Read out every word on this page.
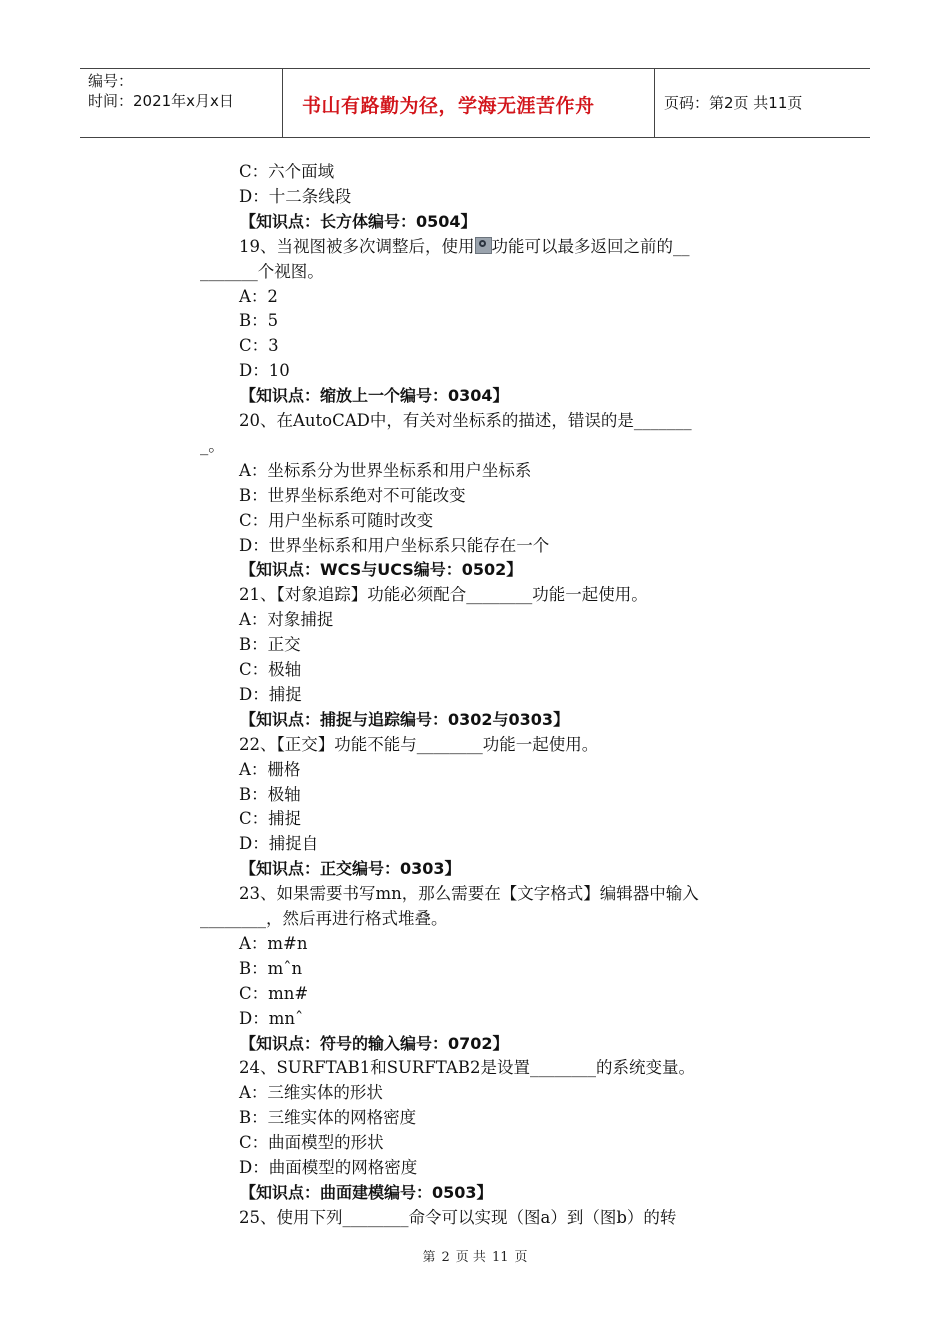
编号：
时间：2021年x月x日	书山有路勤为径，学海无涯苦作舟	页码：第2页 共11页
C：六个面域
D：十二条线段
【知识点：长方体编号：0504】
19、当视图被多次调整后，使用 功能可以最多返回之前的__
_______个视图。
A：2
B：5
C：3
D：10
【知识点：缩放上一个编号：0304】
20、在AutoCAD中，有关对坐标系的描述，错误的是_______
_。
A：坐标系分为世界坐标系和用户坐标系
B：世界坐标系绝对不可能改变
C：用户坐标系可随时改变
D：世界坐标系和用户坐标系只能存在一个
【知识点：WCS与UCS编号：0502】
21、【对象追踪】功能必须配合________功能一起使用。
A：对象捕捉
B：正交
C：极轴
D：捕捉
【知识点：捕捉与追踪编号：0302与0303】
22、【正交】功能不能与________功能一起使用。
A：栅格
B：极轴
C：捕捉
D：捕捉自
【知识点：正交编号：0303】
23、如果需要书写mn，那么需要在【文字格式】编辑器中输入
________，然后再进行格式堆叠。
A：m#n
B：mˆn
C：mn#
D：mnˆ
【知识点：符号的输入编号：0702】
24、SURFTAB1和SURFTAB2是设置________的系统变量。
A：三维实体的形状
B：三维实体的网格密度
C：曲面模型的形状
D：曲面模型的网格密度
【知识点：曲面建模编号：0503】
25、使用下列________命令可以实现（图a）到（图b）的转
第 2 页 共 11 页
